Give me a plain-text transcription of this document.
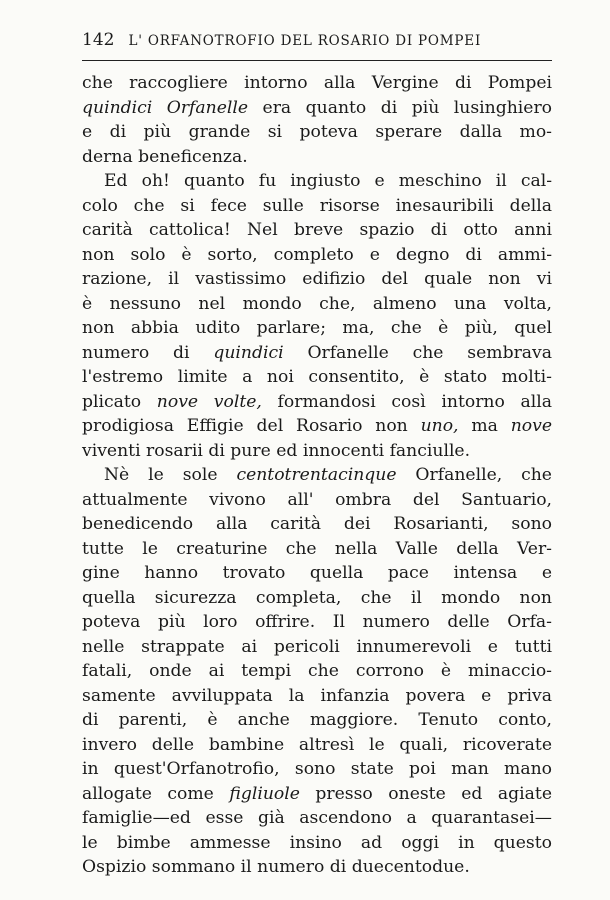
142 L' ORFANOTROFIO DEL ROSARIO DI POMPEI
che raccogliere intorno alla Vergine di Pompei
quindici Orfanelle era quanto di più lusinghiero
e di più grande si poteva sperare dalla mo-
derna beneficenza.
Ed oh! quanto fu ingiusto e meschino il cal-
colo che si fece sulle risorse inesauribili della
carità cattolica! Nel breve spazio di otto anni
non solo è sorto, completo e degno di ammi-
razione, il vastissimo edifizio del quale non vi
è nessuno nel mondo che, almeno una volta,
non abbia udito parlare; ma, che è più, quel
numero di quindici Orfanelle che sembrava
l'estremo limite a noi consentito, è stato molti-
plicato nove volte, formandosi così intorno alla
prodigiosa Effigie del Rosario non uno, ma nove
viventi rosarii di pure ed innocenti fanciulle.
Nè le sole centotrentacinque Orfanelle, che
attualmente vivono all' ombra del Santuario,
benedicendo alla carità dei Rosarianti, sono
tutte le creaturine che nella Valle della Ver-
gine hanno trovato quella pace intensa e
quella sicurezza completa, che il mondo non
poteva più loro offrire. Il numero delle Orfa-
nelle strappate ai pericoli innumerevoli e tutti
fatali, onde ai tempi che corrono è minacciо-
samente avviluppata la infanzia povera e priva
di parenti, è anche maggiore. Tenuto conto,
invero delle bambine altresì le quali, ricoverate
in quest'Orfanotrofio, sono state poi man mano
allogate come figliuole presso oneste ed agiate
famiglie—ed esse già ascendono a quarantasei—
le bimbe ammesse insino ad oggi in questo
Ospizio sommano il numero di duecentodue.
